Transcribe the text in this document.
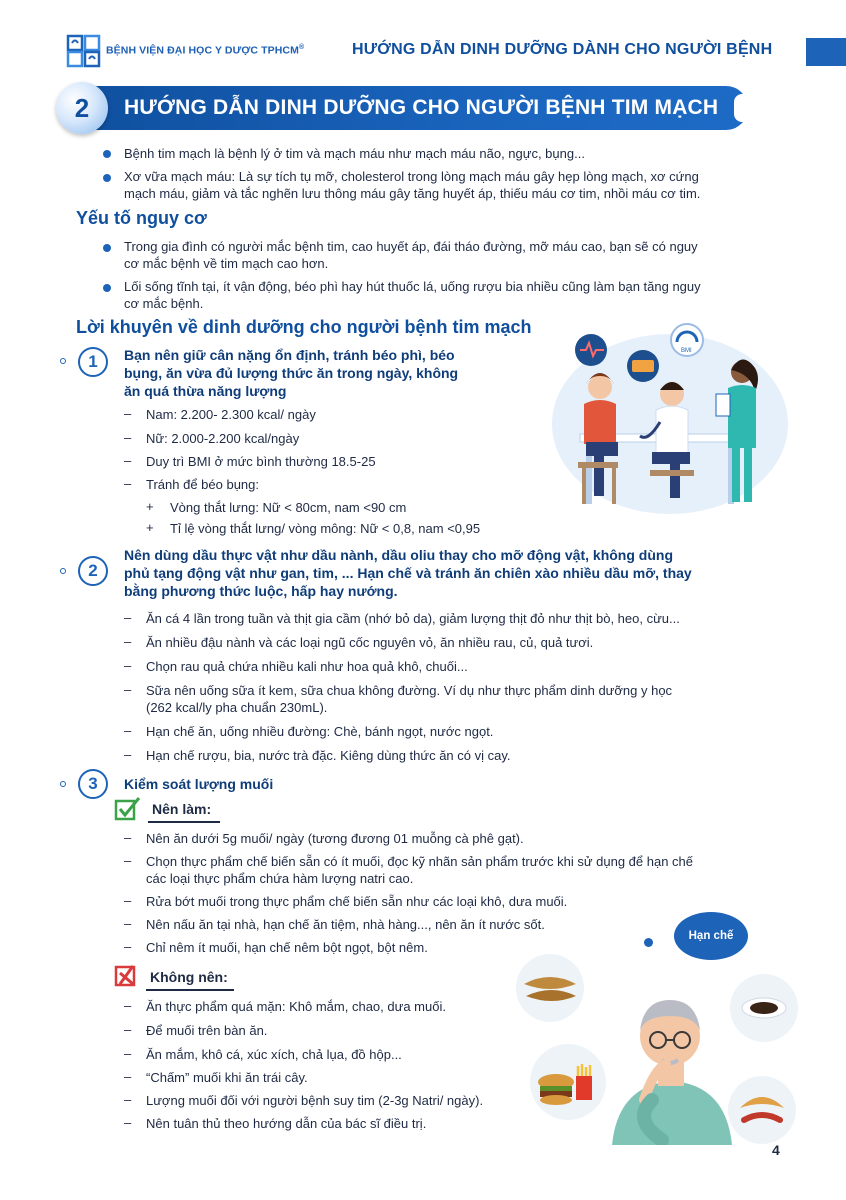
BỆNH VIỆN ĐẠI HỌC Y DƯỢC TPHCM®	HƯỚNG DẪN DINH DƯỠNG DÀNH CHO NGƯỜI BỆNH
2	HƯỚNG DẪN DINH DƯỠNG CHO NGƯỜI BỆNH TIM MẠCH
Bệnh tim mạch là bệnh lý ở tim và mạch máu như mạch máu não, ngực, bụng...
Xơ vữa mạch máu: Là sự tích tụ mỡ, cholesterol trong lòng mạch máu gây hẹp lòng mạch, xơ cứng
mạch máu, giảm và tắc nghẽn lưu thông máu gây tăng huyết áp, thiếu máu cơ tim, nhồi máu cơ tim.
Yếu tố nguy cơ
Trong gia đình có người mắc bệnh tim, cao huyết áp, đái tháo đường, mỡ máu cao, bạn sẽ có nguy
cơ mắc bệnh về tim mạch cao hơn.
Lối sống tĩnh tại, ít vận động, béo phì hay hút thuốc lá, uống rượu bia nhiều cũng làm bạn tăng nguy
cơ mắc bệnh.
Lời khuyên về dinh dưỡng cho người bệnh tim mạch
1	Bạn nên giữ cân nặng ổn định, tránh béo phì, béo
bụng, ăn vừa đủ lượng thức ăn trong ngày, không
ăn quá thừa năng lượng
– Nam: 2.200- 2.300 kcal/ ngày
– Nữ: 2.000-2.200 kcal/ngày
– Duy trì BMI ở mức bình thường 18.5-25
– Tránh để béo bụng:
+ Vòng thắt lưng: Nữ < 80cm, nam <90 cm
+ Tỉ lệ vòng thắt lưng/ vòng mông: Nữ < 0,8, nam <0,95
BMI
2
Nên dùng dầu thực vật như dầu nành, dầu oliu thay cho mỡ động vật, không dùng
phủ tạng động vật như gan, tim, ... Hạn chế và tránh ăn chiên xào nhiều dầu mỡ, thay
bằng phương thức luộc, hấp hay nướng.
– Ăn cá 4 lần trong tuần và thịt gia cầm (nhớ bỏ da), giảm lượng thịt đỏ như thịt bò, heo, cừu...
– Ăn nhiều đậu nành và các loại ngũ cốc nguyên vỏ, ăn nhiều rau, củ, quả tươi.
– Chọn rau quả chứa nhiều kali như hoa quả khô, chuối...
– Sữa nên uống sữa ít kem, sữa chua không đường. Ví dụ như thực phẩm dinh dưỡng y học
(262 kcal/ly pha chuẩn 230mL).
– Hạn chế ăn, uống nhiều đường: Chè, bánh ngọt, nước ngọt.
– Hạn chế rượu, bia, nước trà đặc. Kiêng dùng thức ăn có vị cay.
3	Kiểm soát lượng muối
Nên làm:
– Nên ăn dưới 5g muối/ ngày (tương đương 01 muỗng cà phê gạt).
– Chọn thực phẩm chế biến sẵn có ít muối, đọc kỹ nhãn sản phẩm trước khi sử dụng để hạn chế
các loại thực phẩm chứa hàm lượng natri cao.
– Rửa bớt muối trong thực phẩm chế biến sẵn như các loại khô, dưa muối.
– Nên nấu ăn tại nhà, hạn chế ăn tiệm, nhà hàng..., nên ăn ít nước sốt.
– Chỉ nêm ít muối, hạn chế nêm bột ngọt, bột nêm.
Không nên:
– Ăn thực phẩm quá mặn: Khô mắm, chao, dưa muối.
– Để muối trên bàn ăn.
– Ăn mắm, khô cá, xúc xích, chả lụa, đồ hộp...
– “Chấm” muối khi ăn trái cây.
– Lượng muối đối với người bệnh suy tim (2-3g Natri/ ngày).
– Nên tuân thủ theo hướng dẫn của bác sĩ điều trị.
Hạn chế
4
